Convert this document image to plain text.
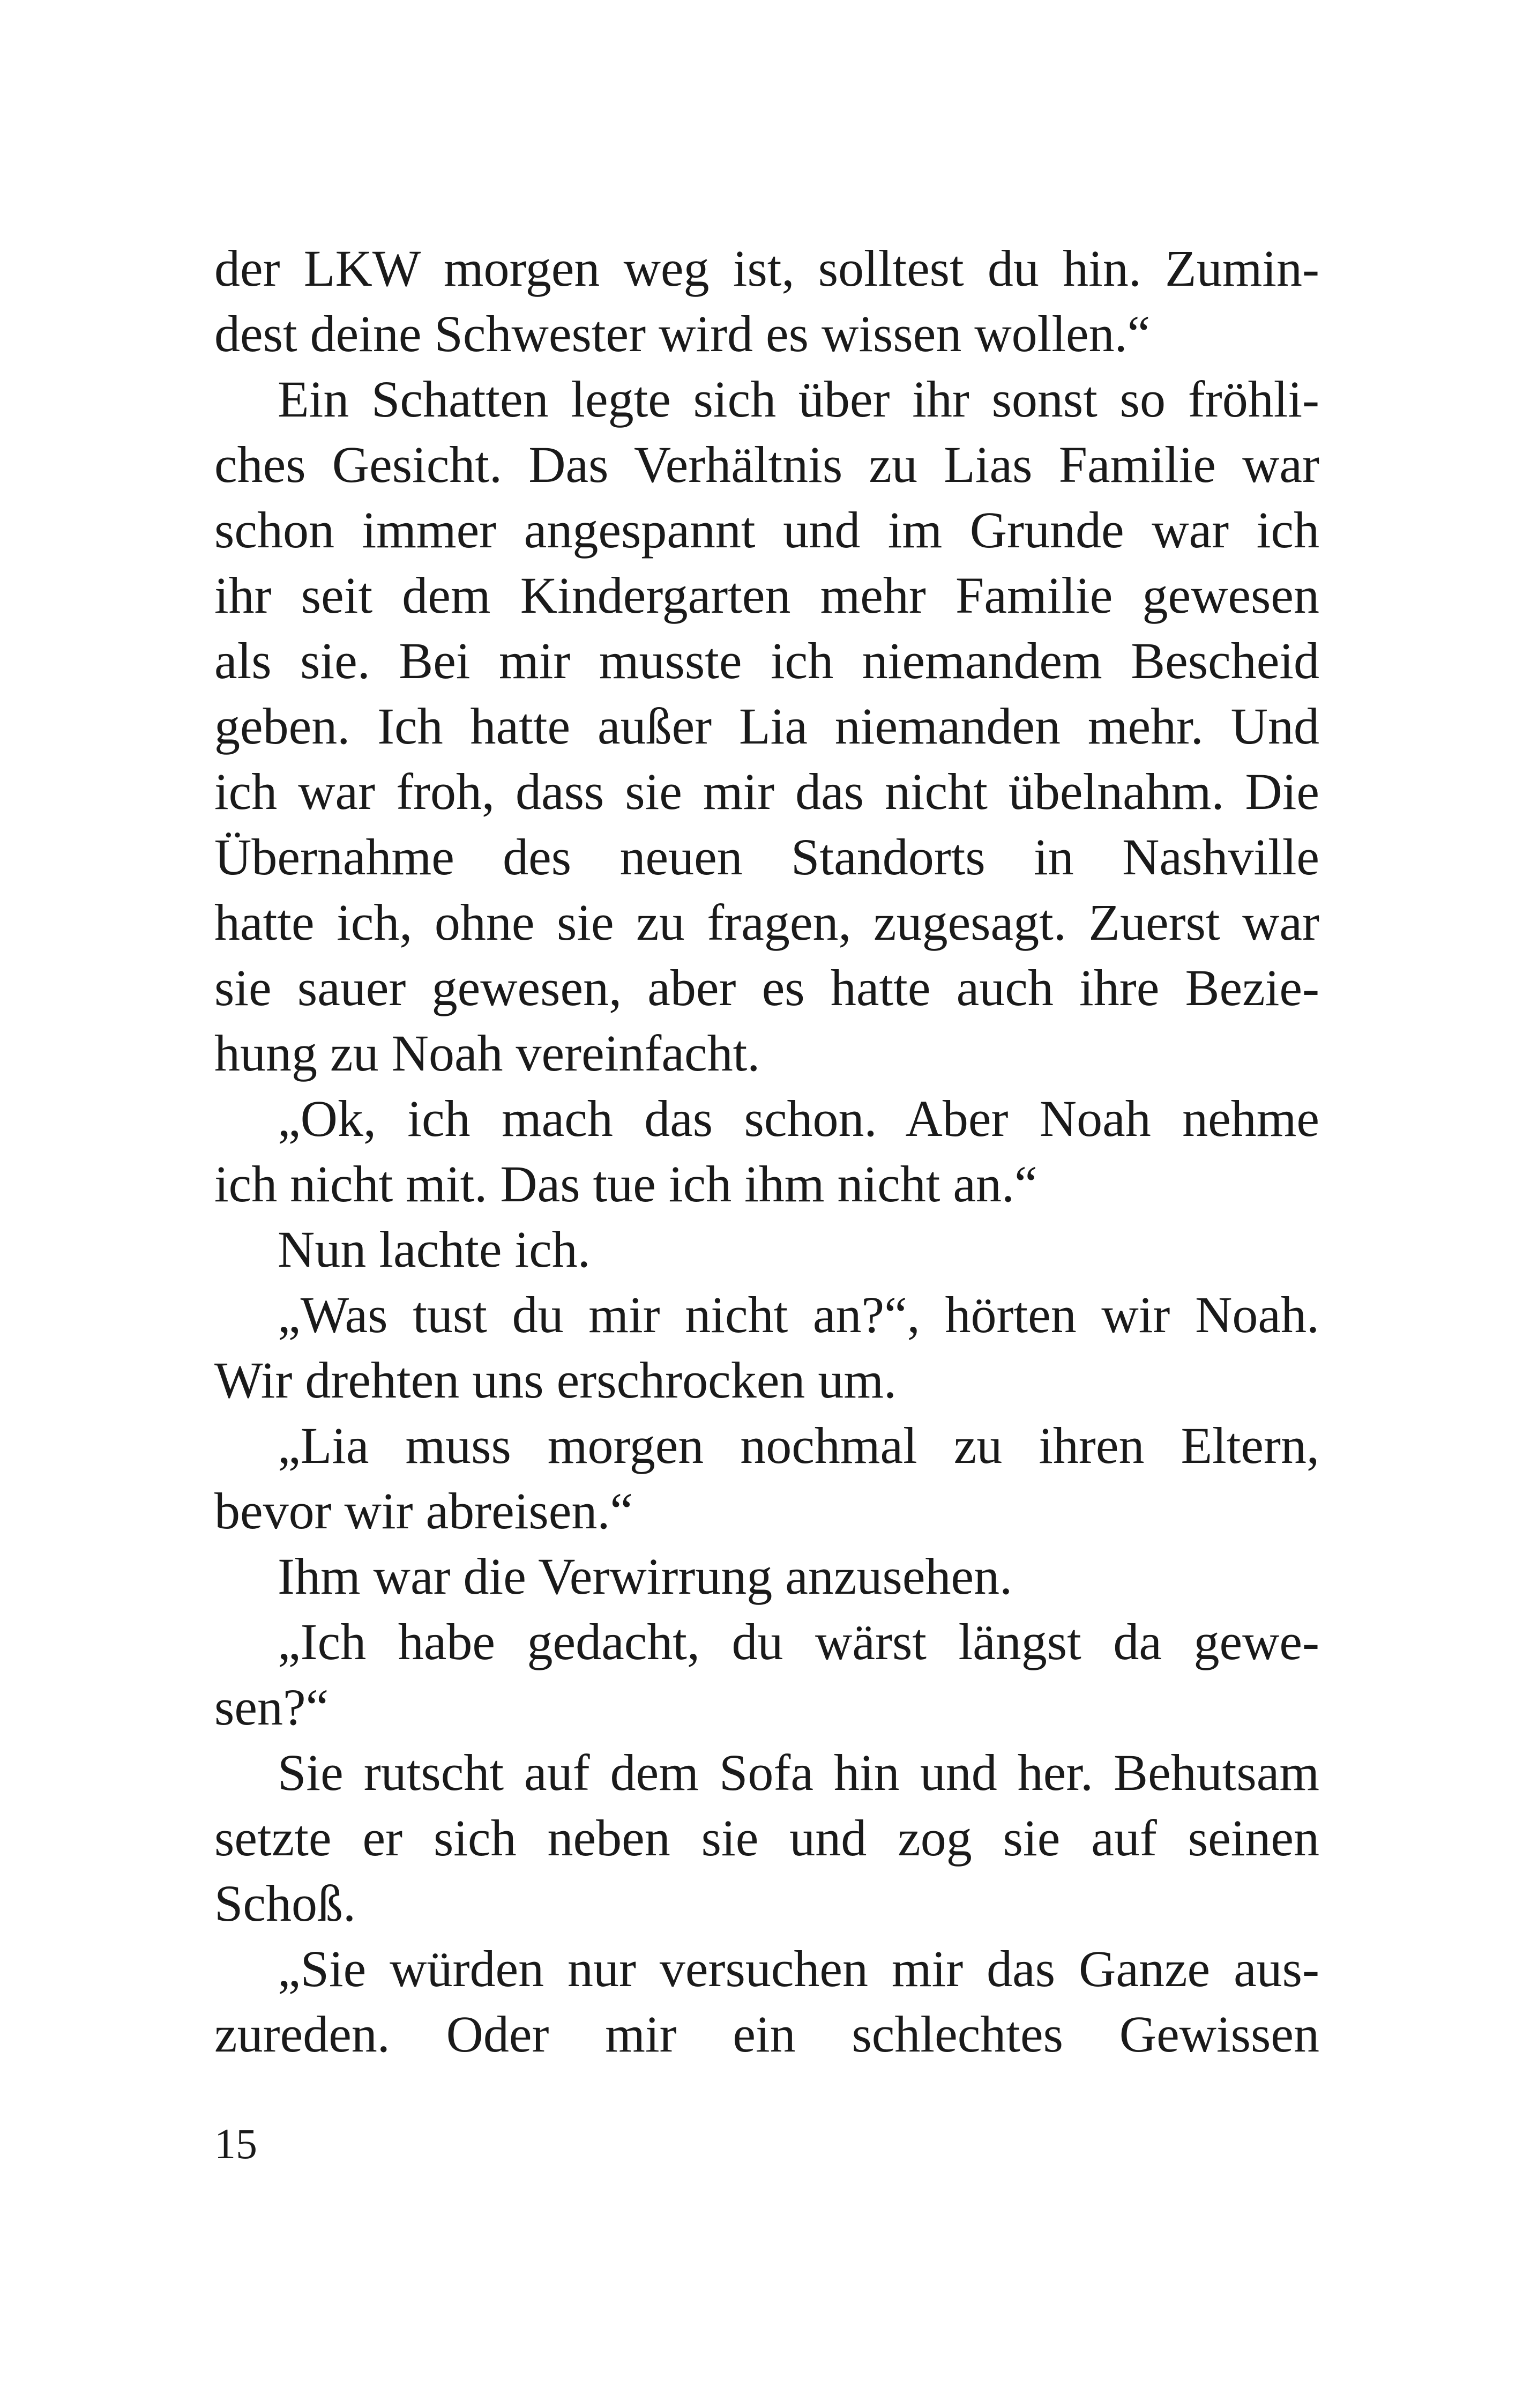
der LKW morgen weg ist, solltest du hin. Zumin-
dest deine Schwester wird es wissen wollen.“
Ein Schatten legte sich über ihr sonst so fröhli-
ches Gesicht. Das Verhältnis zu Lias Familie war
schon immer angespannt und im Grunde war ich
ihr seit dem Kindergarten mehr Familie gewesen
als sie. Bei mir musste ich niemandem Bescheid
geben. Ich hatte außer Lia niemanden mehr. Und
ich war froh, dass sie mir das nicht übelnahm. Die
Übernahme des neuen Standorts in Nashville
hatte ich, ohne sie zu fragen, zugesagt. Zuerst war
sie sauer gewesen, aber es hatte auch ihre Bezie-
hung zu Noah vereinfacht.
„Ok, ich mach das schon. Aber Noah nehme
ich nicht mit. Das tue ich ihm nicht an.“
Nun lachte ich.
„Was tust du mir nicht an?“, hörten wir Noah.
Wir drehten uns erschrocken um.
„Lia muss morgen nochmal zu ihren Eltern,
bevor wir abreisen.“
Ihm war die Verwirrung anzusehen.
„Ich habe gedacht, du wärst längst da gewe-
sen?“
Sie rutscht auf dem Sofa hin und her. Behutsam
setzte er sich neben sie und zog sie auf seinen
Schoß.
„Sie würden nur versuchen mir das Ganze aus-
zureden. Oder mir ein schlechtes Gewissen
15
